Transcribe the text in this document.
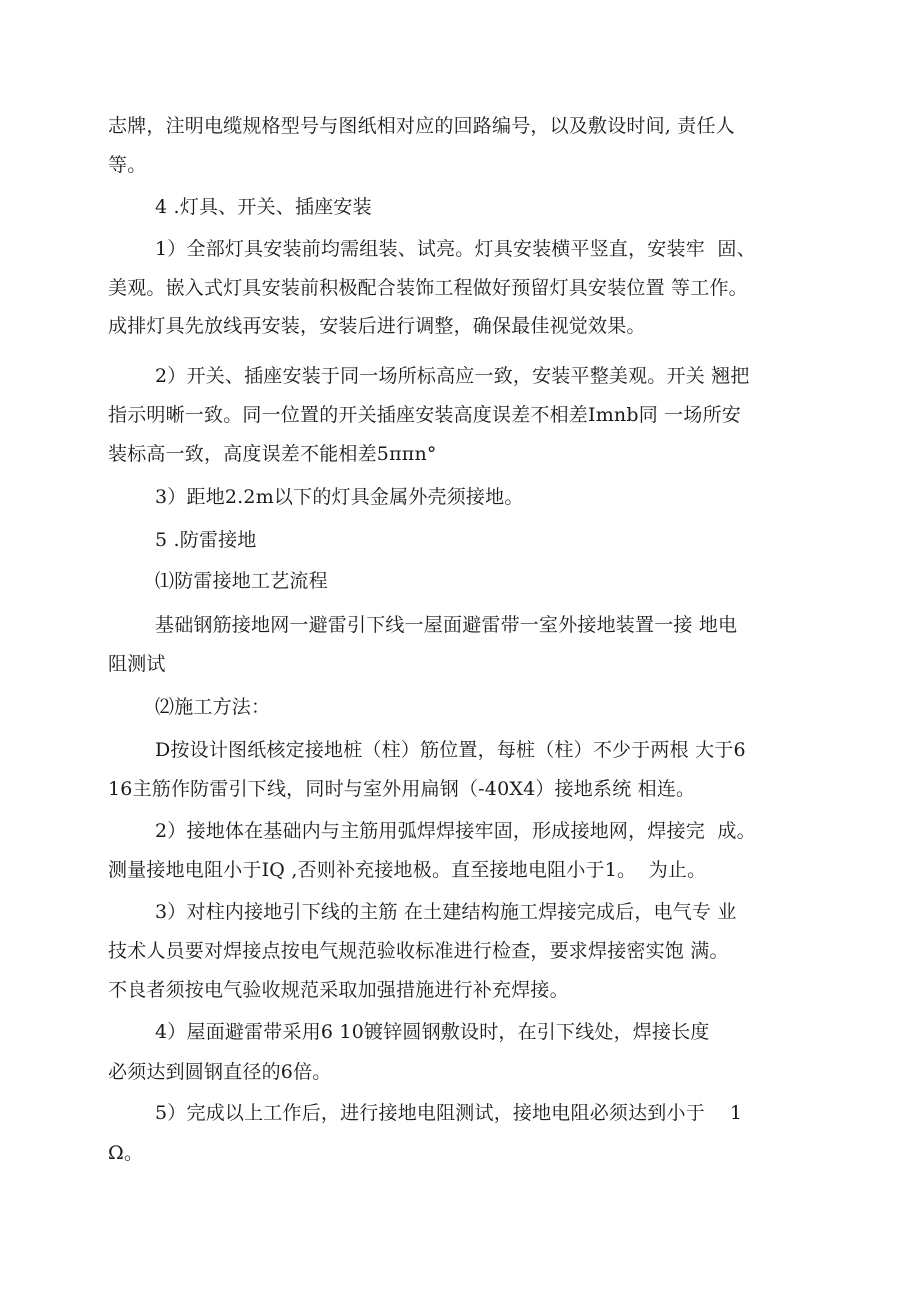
志牌，注明电缆规格型号与图纸相对应的回路编号，以及敷设时间, 责任人
等。
4 .灯具、开关、插座安装
1）全部灯具安装前均需组装、试亮。灯具安装横平竖直，安装牢  固、
美观。嵌入式灯具安装前积极配合装饰工程做好预留灯具安装位置 等工作。
成排灯具先放线再安装，安装后进行调整，确保最佳视觉效果。
2）开关、插座安装于同一场所标高应一致，安装平整美观。开关 翘把
指示明晰一致。同一位置的开关插座安装高度误差不相差Imnb同 一场所安
装标高一致，高度误差不能相差5ππn°
3）距地2.2m以下的灯具金属外壳须接地。
5 .防雷接地
⑴防雷接地工艺流程
基础钢筋接地网一避雷引下线一屋面避雷带一室外接地装置一接 地电
阻测试
⑵施工方法：
D按设计图纸核定接地桩（柱）筋位置，每桩（柱）不少于两根 大于6
16主筋作防雷引下线，同时与室外用扁钢（-40X4）接地系统 相连。
2）接地体在基础内与主筋用弧焊焊接牢固，形成接地网，焊接完  成。
测量接地电阻小于IQ ,否则补充接地极。直至接地电阻小于1。  为止。
3）对柱内接地引下线的主筋 在土建结构施工焊接完成后，电气专 业
技术人员要对焊接点按电气规范验收标准进行检查，要求焊接密实饱 满。
不良者须按电气验收规范采取加强措施进行补充焊接。
4）屋面避雷带采用6 10镀锌圆钢敷设时，在引下线处，焊接长度
必须达到圆钢直径的6倍。
5）完成以上工作后，进行接地电阻测试，接地电阻必须达到小于    1
Ω。
